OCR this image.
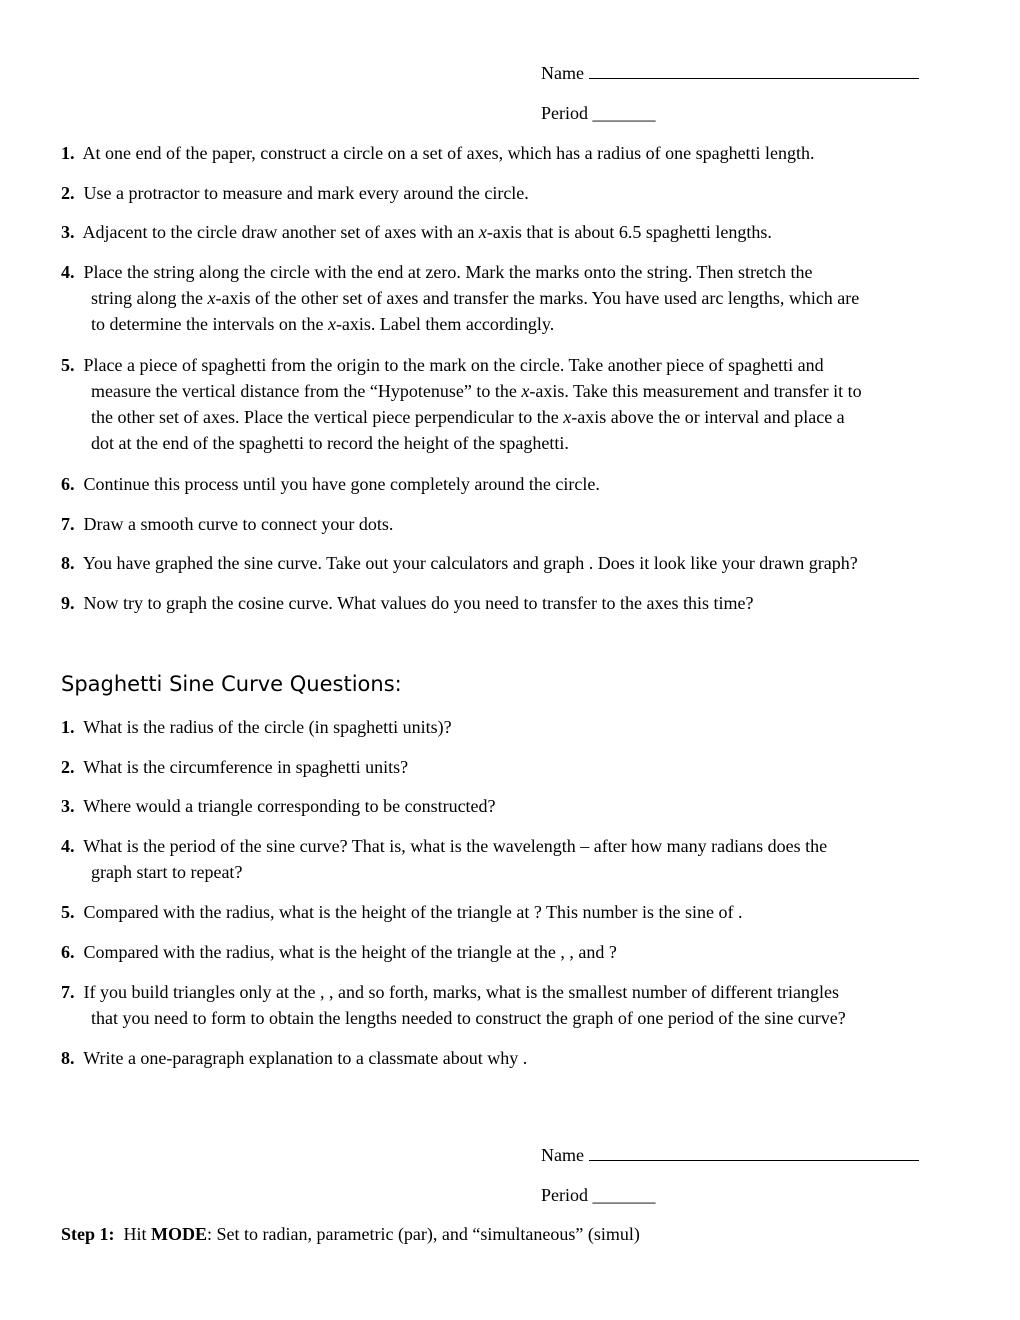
Name
Period _______
1. At one end of the paper, construct a circle on a set of axes, which has a radius of one spaghetti length.
2. Use a protractor to measure and mark every around the circle.
3. Adjacent to the circle draw another set of axes with an x-axis that is about 6.5 spaghetti lengths.
4. Place the string along the circle with the end at zero. Mark the marks onto the string. Then stretch the
string along the x-axis of the other set of axes and transfer the marks. You have used arc lengths, which are
to determine the intervals on the x-axis. Label them accordingly.
5. Place a piece of spaghetti from the origin to the mark on the circle. Take another piece of spaghetti and
measure the vertical distance from the “Hypotenuse” to the x-axis. Take this measurement and transfer it to
the other set of axes. Place the vertical piece perpendicular to the x-axis above the or interval and place a
dot at the end of the spaghetti to record the height of the spaghetti.
6. Continue this process until you have gone completely around the circle.
7. Draw a smooth curve to connect your dots.
8. You have graphed the sine curve. Take out your calculators and graph . Does it look like your drawn graph?
9. Now try to graph the cosine curve. What values do you need to transfer to the axes this time?
Spaghetti Sine Curve Questions:
1. What is the radius of the circle (in spaghetti units)?
2. What is the circumference in spaghetti units?
3. Where would a triangle corresponding to be constructed?
4. What is the period of the sine curve? That is, what is the wavelength – after how many radians does the
graph start to repeat?
5. Compared with the radius, what is the height of the triangle at ? This number is the sine of .
6. Compared with the radius, what is the height of the triangle at the , , and ?
7. If you build triangles only at the , , and so forth, marks, what is the smallest number of different triangles
that you need to form to obtain the lengths needed to construct the graph of one period of the sine curve?
8. Write a one-paragraph explanation to a classmate about why .
Name
Period _______
Step 1: Hit MODE: Set to radian, parametric (par), and “simultaneous” (simul)
